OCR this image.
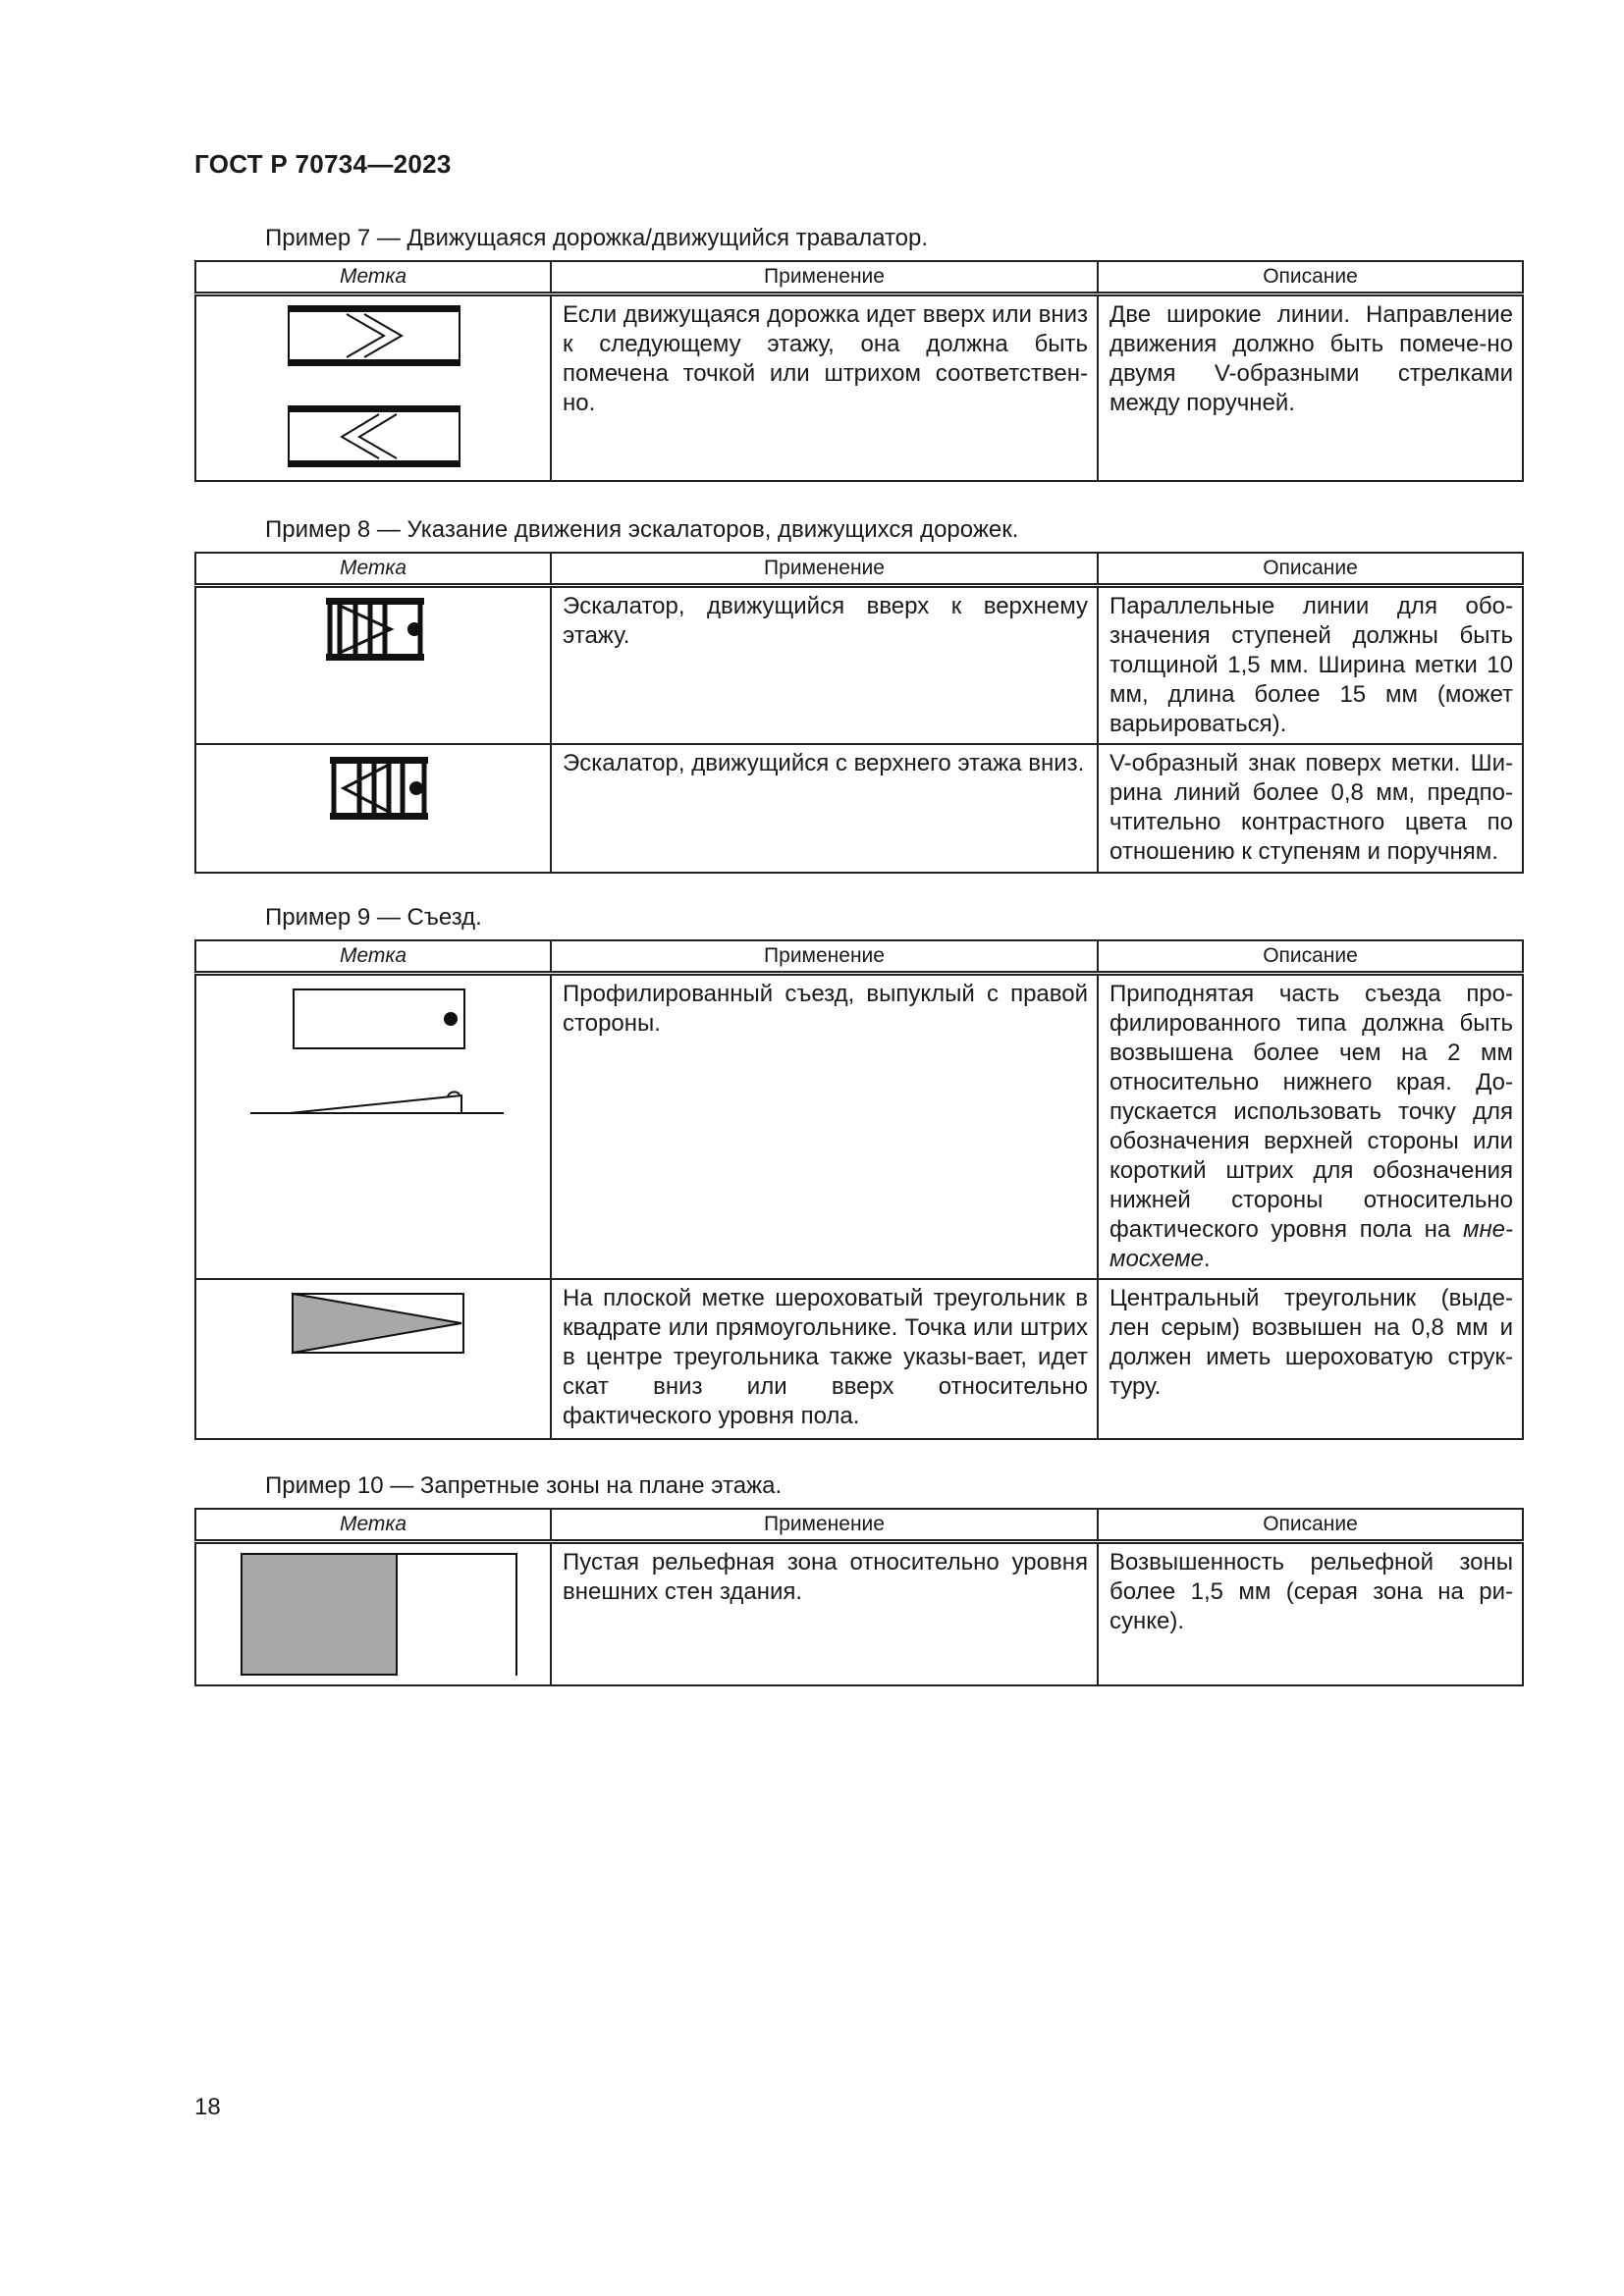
ГОСТ Р 70734—2023
Пример 7 — Движущаяся дорожка/движущийся травалатор.
Метка	Применение	Описание

	Если движущаяся дорожка идет вверх или вниз к следующему этажу, она должна быть помечена точкой или штрихом соответствен-но.	Две широкие линии. Направление движения должно быть помече-но двумя V-образными стрелками между поручней.
Пример 8 — Указание движения эскалаторов, движущихся дорожек.
Метка	Применение	Описание

	Эскалатор, движущийся вверх к верхнему этажу.	Параллельные линии для обо-значения ступеней должны быть толщиной 1,5 мм. Ширина метки 10 мм, длина более 15 мм (может варьироваться).

	Эскалатор, движущийся с верхнего этажа вниз.	V-образный знак поверх метки. Ши-рина линий более 0,8 мм, предпо-чтительно контрастного цвета по отношению к ступеням и поручням.
Пример 9 — Съезд.
Метка	Применение	Описание

	Профилированный съезд, выпуклый с правой стороны.	Приподнятая часть съезда про-филированного типа должна быть возвышена более чем на 2 мм относительно нижнего края. До-пускается использовать точку для обозначения верхней стороны или короткий штрих для обозначения нижней стороны относительно фактического уровня пола на мне-мосхеме.

	На плоской метке шероховатый треугольник в квадрате или прямоугольнике. Точка или штрих в центре треугольника также указы-вает, идет скат вниз или вверх относительно фактического уровня пола.	Центральный треугольник (выде-лен серым) возвышен на 0,8 мм и должен иметь шероховатую струк-туру.
Пример 10 — Запретные зоны на плане этажа.
Метка	Применение	Описание

	Пустая рельефная зона относительно уровня внешних стен здания.	Возвышенность рельефной зоны более 1,5 мм (серая зона на ри-сунке).
18
